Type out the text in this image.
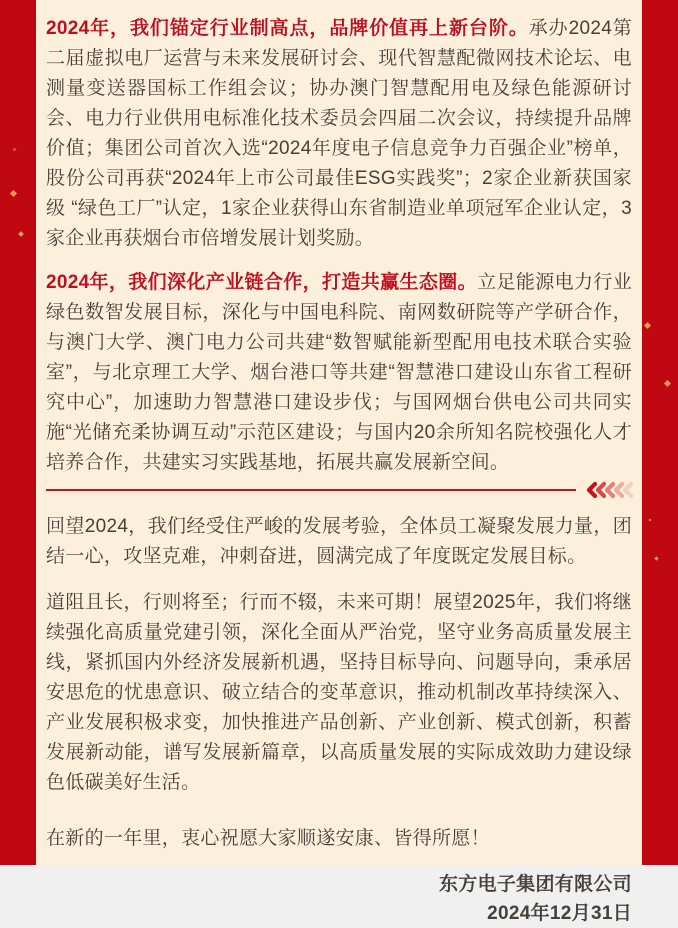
2024年，我们锚定行业制高点，品牌价值再上新台阶。承办2024第二届虚拟电厂运营与未来发展研讨会、现代智慧配微网技术论坛、电测量变送器国标工作组会议；协办澳门智慧配用电及绿色能源研讨会、电力行业供用电标准化技术委员会四届二次会议，持续提升品牌价值；集团公司首次入选“2024年度电子信息竞争力百强企业”榜单，股份公司再获“2024年上市公司最佳ESG实践奖”；2家企业新获国家级 “绿色工厂”认定，1家企业获得山东省制造业单项冠军企业认定，3家企业再获烟台市倍增发展计划奖励。

2024年，我们深化产业链合作，打造共赢生态圈。立足能源电力行业绿色数智发展目标，深化与中国电科院、南网数研院等产学研合作，与澳门大学、澳门电力公司共建“数智赋能新型配用电技术联合实验室”，与北京理工大学、烟台港口等共建“智慧港口建设山东省工程研究中心”，加速助力智慧港口建设步伐；与国网烟台供电公司共同实施“光储充柔协调互动”示范区建设；与国内20余所知名院校强化人才培养合作，共建实习实践基地，拓展共赢发展新空间。

回望2024，我们经受住严峻的发展考验，全体员工凝聚发展力量，团结一心，攻坚克难，冲刺奋进，圆满完成了年度既定发展目标。

道阻且长，行则将至；行而不辍，未来可期！展望2025年，我们将继续强化高质量党建引领，深化全面从严治党，坚守业务高质量发展主线，紧抓国内外经济发展新机遇，坚持目标导向、问题导向，秉承居安思危的忧患意识、破立结合的变革意识，推动机制改革持续深入、产业发展积极求变，加快推进产品创新、产业创新、模式创新，积蓄发展新动能，谱写发展新篇章，以高质量发展的实际成效助力建设绿色低碳美好生活。

在新的一年里，衷心祝愿大家顺遂安康、皆得所愿！

东方电子集团有限公司
2024年12月31日
